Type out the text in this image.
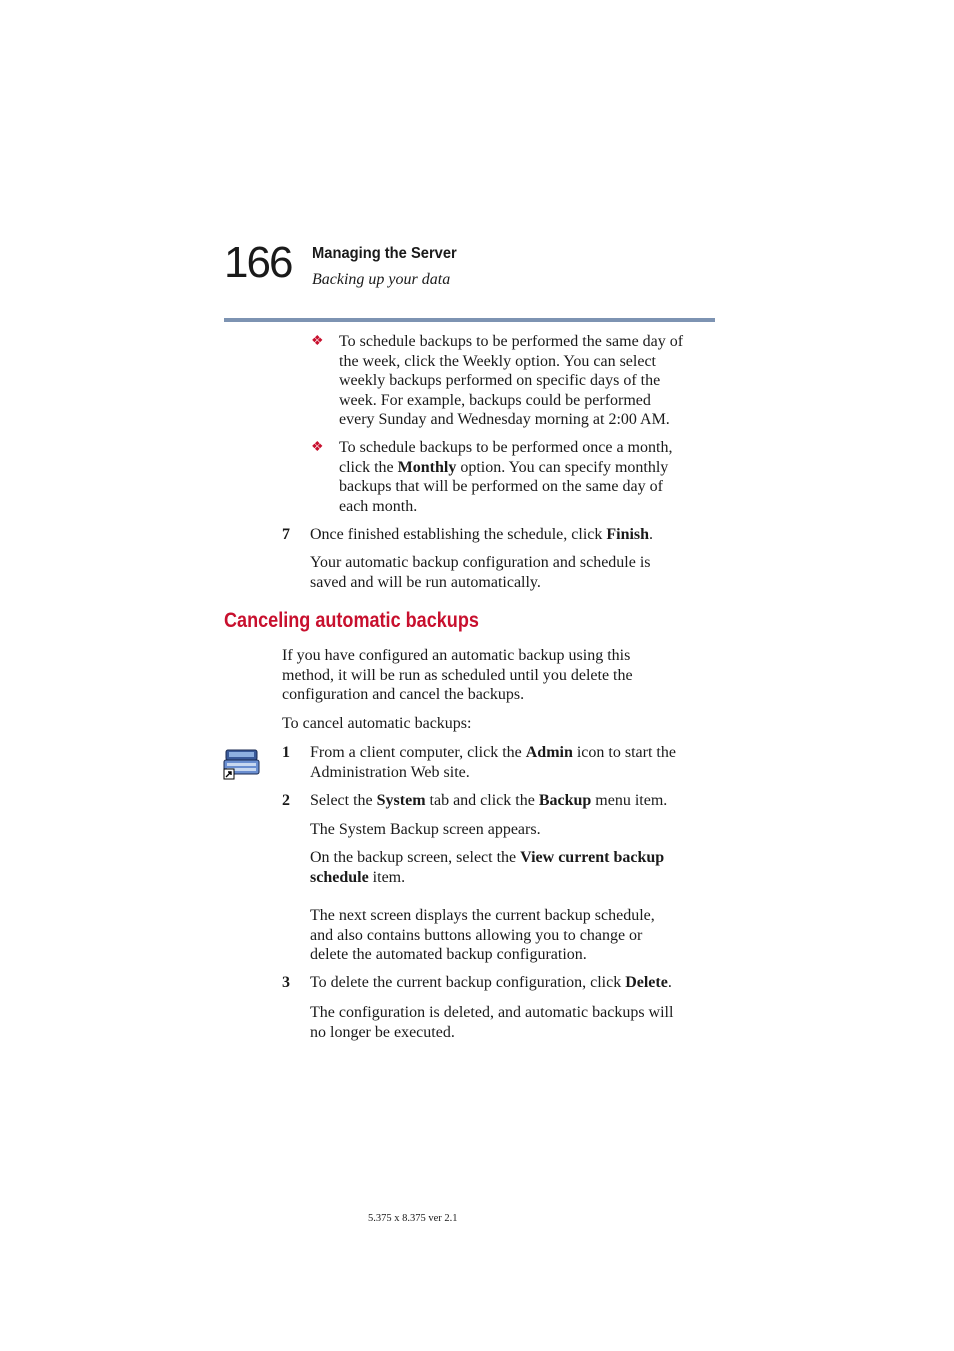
166 Managing the Server
Backing up your data
❖ To schedule backups to be performed the same day of
the week, click the Weekly option. You can select
weekly backups performed on specific days of the
week. For example, backups could be performed
every Sunday and Wednesday morning at 2:00 AM.
❖ To schedule backups to be performed once a month,
click the Monthly option. You can specify monthly
backups that will be performed on the same day of
each month.
7 Once finished establishing the schedule, click Finish.
Your automatic backup configuration and schedule is
saved and will be run automatically.
Canceling automatic backups
If you have configured an automatic backup using this
method, it will be run as scheduled until you delete the
configuration and cancel the backups.
To cancel automatic backups:
1 From a client computer, click the Admin icon to start the
Administration Web site.
2 Select the System tab and click the Backup menu item.
The System Backup screen appears.
On the backup screen, select the View current backup
schedule item.
The next screen displays the current backup schedule,
and also contains buttons allowing you to change or
delete the automated backup configuration.
3 To delete the current backup configuration, click Delete.
The configuration is deleted, and automatic backups will
no longer be executed.
5.375 x 8.375 ver 2.1
